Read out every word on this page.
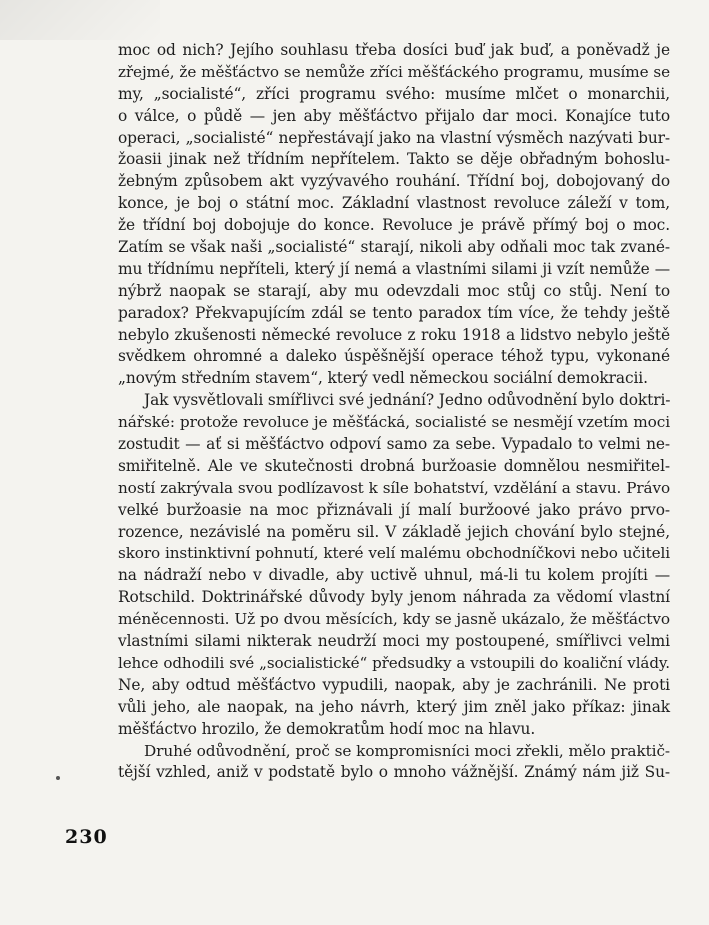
moc od nich? Jejího souhlasu třeba dosíci buď jak buď, a poněvadž je
zřejmé, že měšťáctvo se nemůže zříci měšťáckého programu, musíme se
my, „socialisté“, zříci programu svého: musíme mlčet o monarchii,
o válce, o půdě — jen aby měšťáctvo přijalo dar moci. Konajíce tuto
operaci, „socialisté“ nepřestávají jako na vlastní výsměch nazývati bur-
žoasii jinak než třídním nepřítelem. Takto se děje obřadným bohoslu-
žebným způsobem akt vyzývavého rouhání. Třídní boj, dobojovaný do
konce, je boj o státní moc. Základní vlastnost revoluce záleží v tom,
že třídní boj dobojuje do konce. Revoluce je právě přímý boj o moc.
Zatím se však naši „socialisté“ starají, nikoli aby odňali moc tak zvané-
mu třídnímu nepříteli, který jí nemá a vlastními silami ji vzít nemůže —
nýbrž naopak se starají, aby mu odevzdali moc stůj co stůj. Není to
paradox? Překvapujícím zdál se tento paradox tím více, že tehdy ještě
nebylo zkušenosti německé revoluce z roku 1918 a lidstvo nebylo ještě
svědkem ohromné a daleko úspěšnější operace téhož typu, vykonané
„novým středním stavem“, který vedl německou sociální demokracii.
Jak vysvětlovali smířlivci své jednání? Jedno odůvodnění bylo doktri-
nářské: protože revoluce je měšťácká, socialisté se nesmějí vzetím moci
zostudit — ať si měšťáctvo odpoví samo za sebe. Vypadalo to velmi ne-
smiřitelně. Ale ve skutečnosti drobná buržoasie domnělou nesmiřitel-
ností zakrývala svou podlízavost k síle bohatství, vzdělání a stavu. Právo
velké buržoasie na moc přiznávali jí malí buržoové jako právo prvo-
rozence, nezávislé na poměru sil. V základě jejich chování bylo stejné,
skoro instinktivní pohnutí, které velí malému obchodníčkovi nebo učiteli
na nádraží nebo v divadle, aby uctivě uhnul, má-li tu kolem projíti —
Rotschild. Doktrinářské důvody byly jenom náhrada za vědomí vlastní
méněcennosti. Už po dvou měsících, kdy se jasně ukázalo, že měšťáctvo
vlastními silami nikterak neudrží moci my postoupené, smířlivci velmi
lehce odhodili své „socialistické“ předsudky a vstoupili do koaliční vlády.
Ne, aby odtud měšťáctvo vypudili, naopak, aby je zachránili. Ne proti
vůli jeho, ale naopak, na jeho návrh, který jim zněl jako příkaz: jinak
měšťáctvo hrozilo, že demokratům hodí moc na hlavu.
Druhé odůvodnění, proč se kompromisníci moci zřekli, mělo praktič-
tější vzhled, aniž v podstatě bylo o mnoho vážnější. Známý nám již Su-
230
